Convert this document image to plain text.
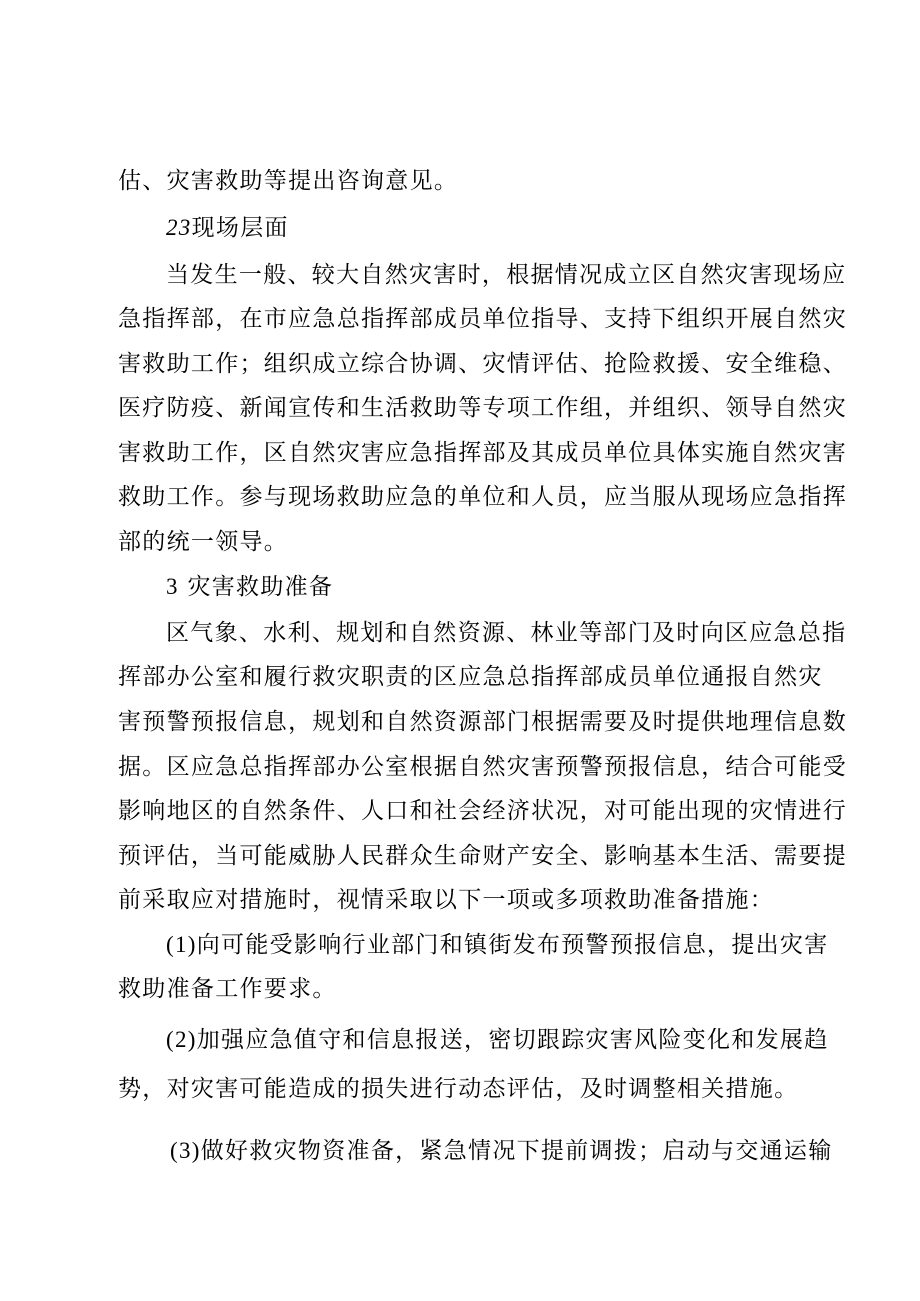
估、灾害救助等提出咨询意见。
23现场层面
当发生一般、较大自然灾害时，根据情况成立区自然灾害现场应
急指挥部，在市应急总指挥部成员单位指导、支持下组织开展自然灾
害救助工作；组织成立综合协调、灾情评估、抢险救援、安全维稳、
医疗防疫、新闻宣传和生活救助等专项工作组，并组织、领导自然灾
害救助工作，区自然灾害应急指挥部及其成员单位具体实施自然灾害
救助工作。参与现场救助应急的单位和人员，应当服从现场应急指挥
部的统一领导。
3 灾害救助准备
区气象、水利、规划和自然资源、林业等部门及时向区应急总指
挥部办公室和履行救灾职责的区应急总指挥部成员单位通报自然灾
害预警预报信息，规划和自然资源部门根据需要及时提供地理信息数
据。区应急总指挥部办公室根据自然灾害预警预报信息，结合可能受
影响地区的自然条件、人口和社会经济状况，对可能出现的灾情进行
预评估，当可能威胁人民群众生命财产安全、影响基本生活、需要提
前采取应对措施时，视情采取以下一项或多项救助准备措施：
(1)向可能受影响行业部门和镇街发布预警预报信息，提出灾害
救助准备工作要求。
(2)加强应急值守和信息报送，密切跟踪灾害风险变化和发展趋
势，对灾害可能造成的损失进行动态评估，及时调整相关措施。
(3)做好救灾物资准备，紧急情况下提前调拨；启动与交通运输
